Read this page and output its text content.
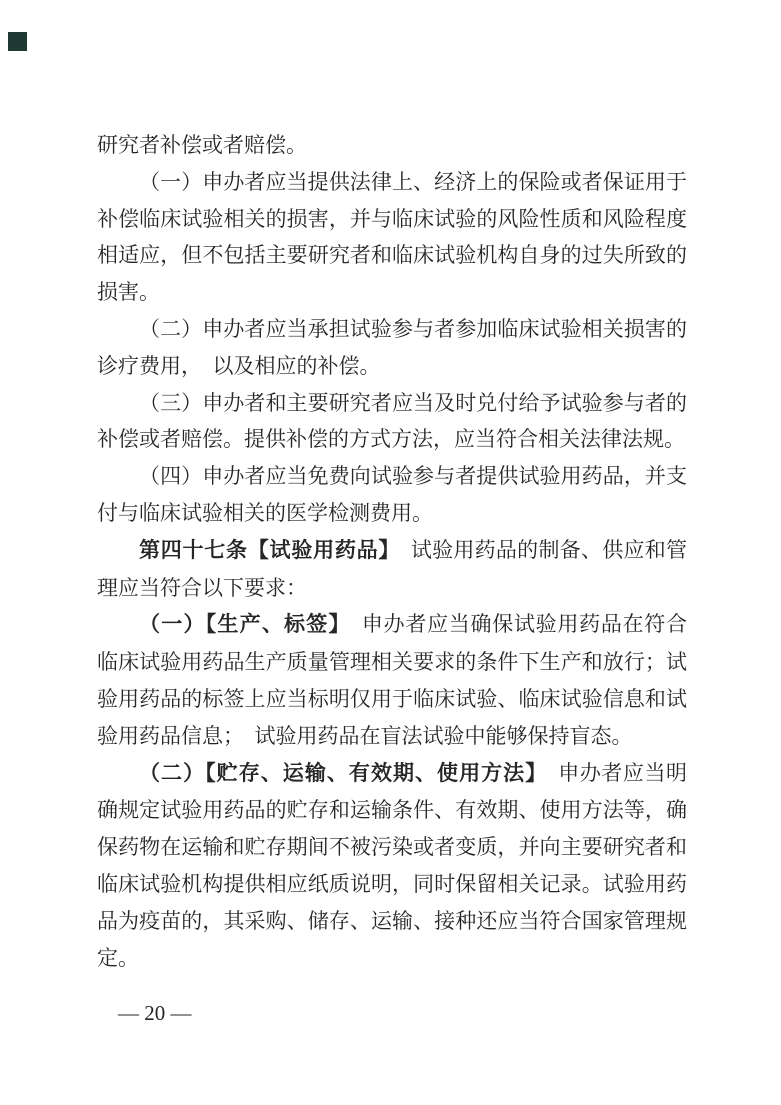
研究者补偿或者赔偿。

（一）申办者应当提供法律上、经济上的保险或者保证用于补偿临床试验相关的损害，并与临床试验的风险性质和风险程度相适应，但不包括主要研究者和临床试验机构自身的过失所致的损害。

（二）申办者应当承担试验参与者参加临床试验相关损害的诊疗费用，　以及相应的补偿。

（三）申办者和主要研究者应当及时兑付给予试验参与者的补偿或者赔偿。提供补偿的方式方法，应当符合相关法律法规。

（四）申办者应当免费向试验参与者提供试验用药品，并支付与临床试验相关的医学检测费用。

第四十七条【试验用药品】　试验用药品的制备、供应和管理应当符合以下要求：

（一）【生产、标签】　申办者应当确保试验用药品在符合临床试验用药品生产质量管理相关要求的条件下生产和放行；试验用药品的标签上应当标明仅用于临床试验、临床试验信息和试验用药品信息；　试验用药品在盲法试验中能够保持盲态。

（二）【贮存、运输、有效期、使用方法】　申办者应当明确规定试验用药品的贮存和运输条件、有效期、使用方法等，确保药物在运输和贮存期间不被污染或者变质，并向主要研究者和临床试验机构提供相应纸质说明，同时保留相关记录。试验用药品为疫苗的，其采购、储存、运输、接种还应当符合国家管理规定。

— 20 —
